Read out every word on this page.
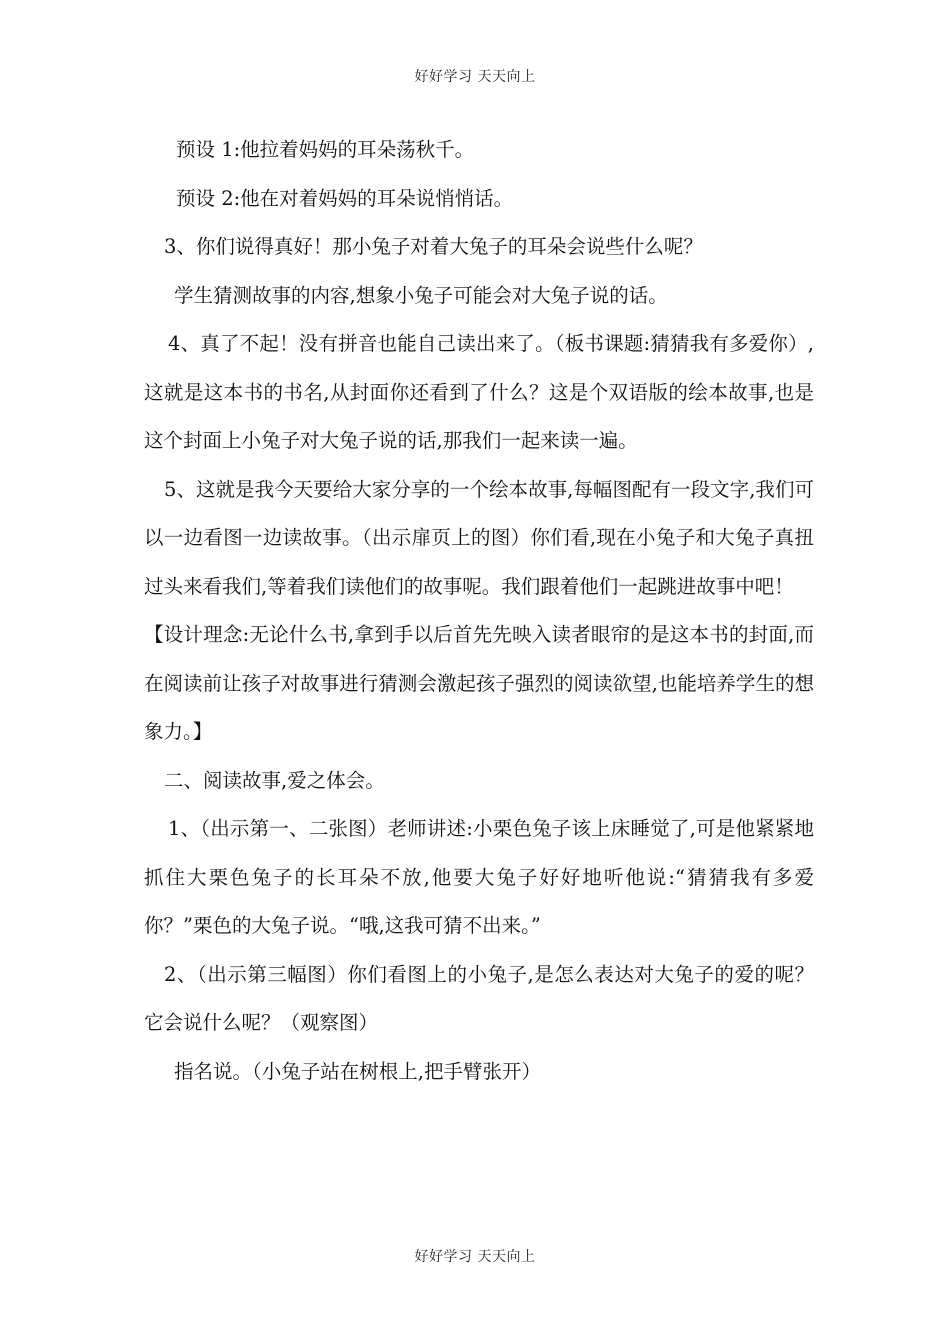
好好学习 天天向上

预设 1:他拉着妈妈的耳朵荡秋千。

预设 2:他在对着妈妈的耳朵说悄悄话。

3、你们说得真好！那小兔子对着大兔子的耳朵会说些什么呢？

学生猜测故事的内容,想象小兔子可能会对大兔子说的话。

4、真了不起！没有拼音也能自己读出来了。（板书课题:猜猜我有多爱你）,这就是这本书的书名,从封面你还看到了什么？这是个双语版的绘本故事,也是这个封面上小兔子对大兔子说的话,那我们一起来读一遍。

5、这就是我今天要给大家分享的一个绘本故事,每幅图配有一段文字,我们可以一边看图一边读故事。（出示扉页上的图）你们看,现在小兔子和大兔子真扭过头来看我们,等着我们读他们的故事呢。我们跟着他们一起跳进故事中吧！

【设计理念:无论什么书,拿到手以后首先先映入读者眼帘的是这本书的封面,而在阅读前让孩子对故事进行猜测会激起孩子强烈的阅读欲望,也能培养学生的想象力。】

二、阅读故事,爱之体会。

1、（出示第一、二张图）老师讲述:小栗色兔子该上床睡觉了,可是他紧紧地抓住大栗色兔子的长耳朵不放,他要大兔子好好地听他说:“猜猜我有多爱你？”栗色的大兔子说。“哦,这我可猜不出来。”

2、（出示第三幅图）你们看图上的小兔子,是怎么表达对大兔子的爱的呢？它会说什么呢？（观察图）

指名说。（小兔子站在树根上,把手臂张开）

好好学习 天天向上
